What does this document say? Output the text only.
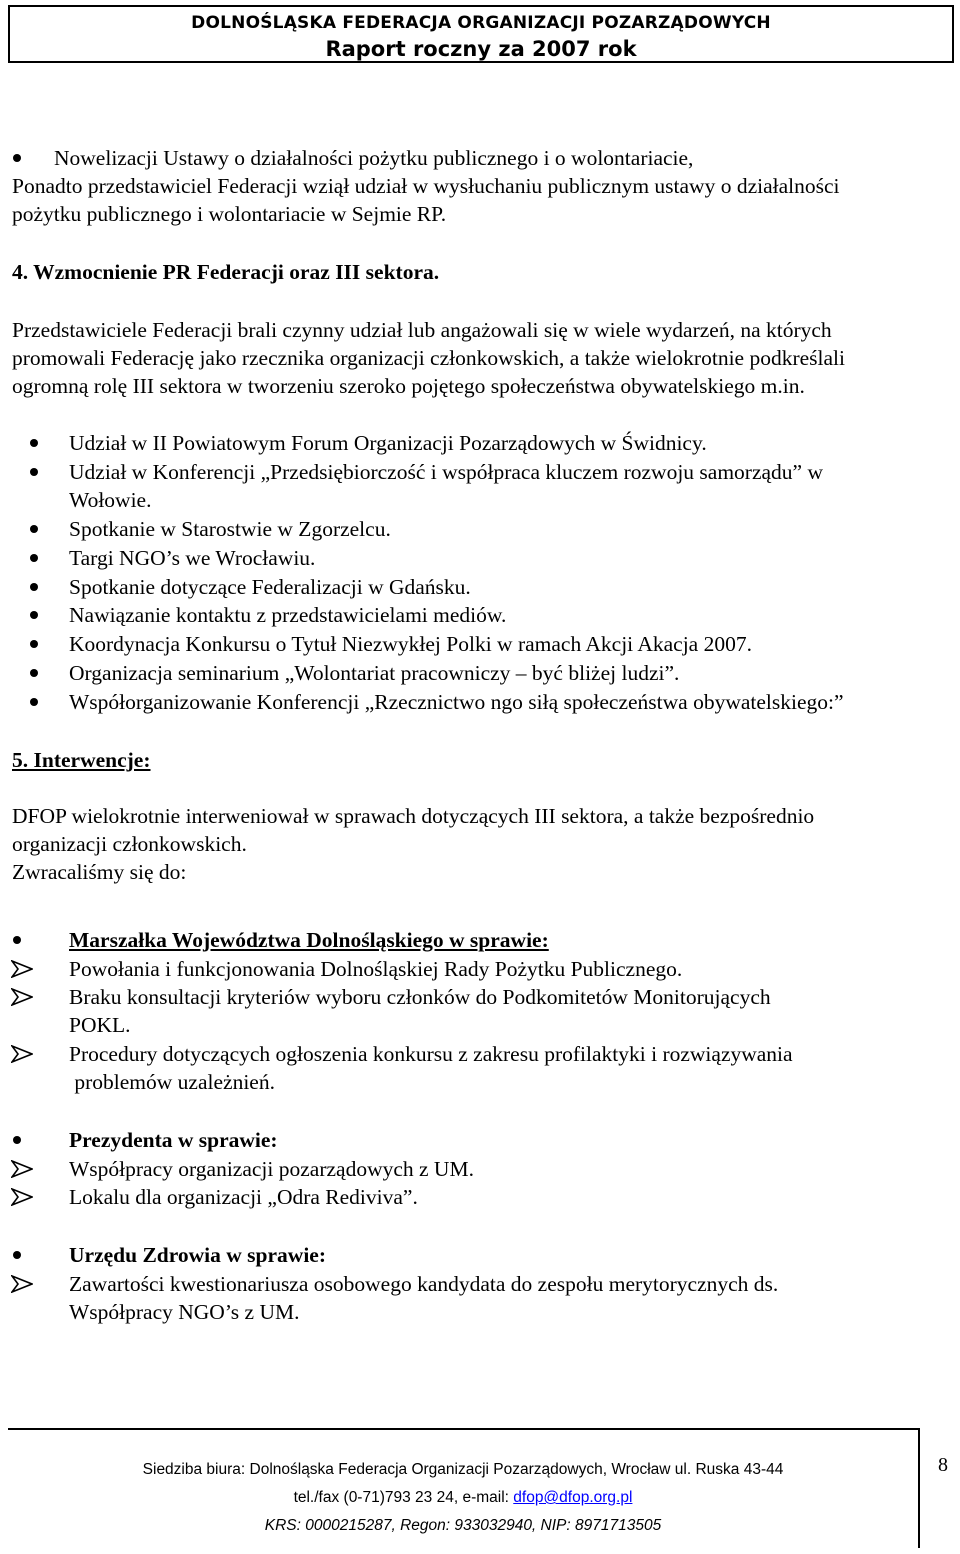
DOLNOŚLĄSKA FEDERACJA ORGANIZACJI POZARZĄDOWYCH
Raport roczny za 2007 rok
Nowelizacji Ustawy o działalności pożytku publicznego i o wolontariacie,
Ponadto przedstawiciel Federacji wziął udział w wysłuchaniu publicznym ustawy o działalności
pożytku publicznego i wolontariacie w Sejmie RP.
4. Wzmocnienie PR Federacji oraz III sektora.
Przedstawiciele Federacji brali czynny udział lub angażowali się w wiele wydarzeń, na których
promowali Federację jako rzecznika organizacji członkowskich, a także wielokrotnie podkreślali
ogromną rolę III sektora w tworzeniu szeroko pojętego społeczeństwa obywatelskiego m.in.
Udział w II Powiatowym Forum Organizacji Pozarządowych w Świdnicy.
Udział w Konferencji „Przedsiębiorczość i współpraca kluczem rozwoju samorządu” w
Wołowie.
Spotkanie w Starostwie w Zgorzelcu.
Targi NGO’s we Wrocławiu.
Spotkanie dotyczące Federalizacji w Gdańsku.
Nawiązanie kontaktu z przedstawicielami mediów.
Koordynacja Konkursu o Tytuł Niezwykłej Polki w ramach Akcji Akacja 2007.
Organizacja seminarium „Wolontariat pracowniczy – być bliżej ludzi”.
Współorganizowanie Konferencji „Rzecznictwo ngo siłą społeczeństwa obywatelskiego:”
5. Interwencje:
DFOP wielokrotnie interweniował w sprawach dotyczących III sektora, a także bezpośrednio
organizacji członkowskich.
Zwracaliśmy się do:
Marszałka Województwa Dolnośląskiego w sprawie:
Powołania i funkcjonowania Dolnośląskiej Rady Pożytku Publicznego.
Braku konsultacji kryteriów wyboru członków do Podkomitetów Monitorujących
POKL.
Procedury dotyczących ogłoszenia konkursu z zakresu profilaktyki i rozwiązywania
problemów uzależnień.
Prezydenta w sprawie:
Współpracy organizacji pozarządowych z UM.
Lokalu dla organizacji „Odra Rediviva”.
Urzędu Zdrowia w sprawie:
Zawartości kwestionariusza osobowego kandydata do zespołu merytorycznych ds.
Współpracy NGO’s z UM.
Siedziba biura: Dolnośląska Federacja Organizacji Pozarządowych, Wrocław ul. Ruska 43-44
tel./fax (0-71)793 23 24, e-mail: dfop@dfop.org.pl
KRS: 0000215287, Regon: 933032940, NIP: 8971713505
8
